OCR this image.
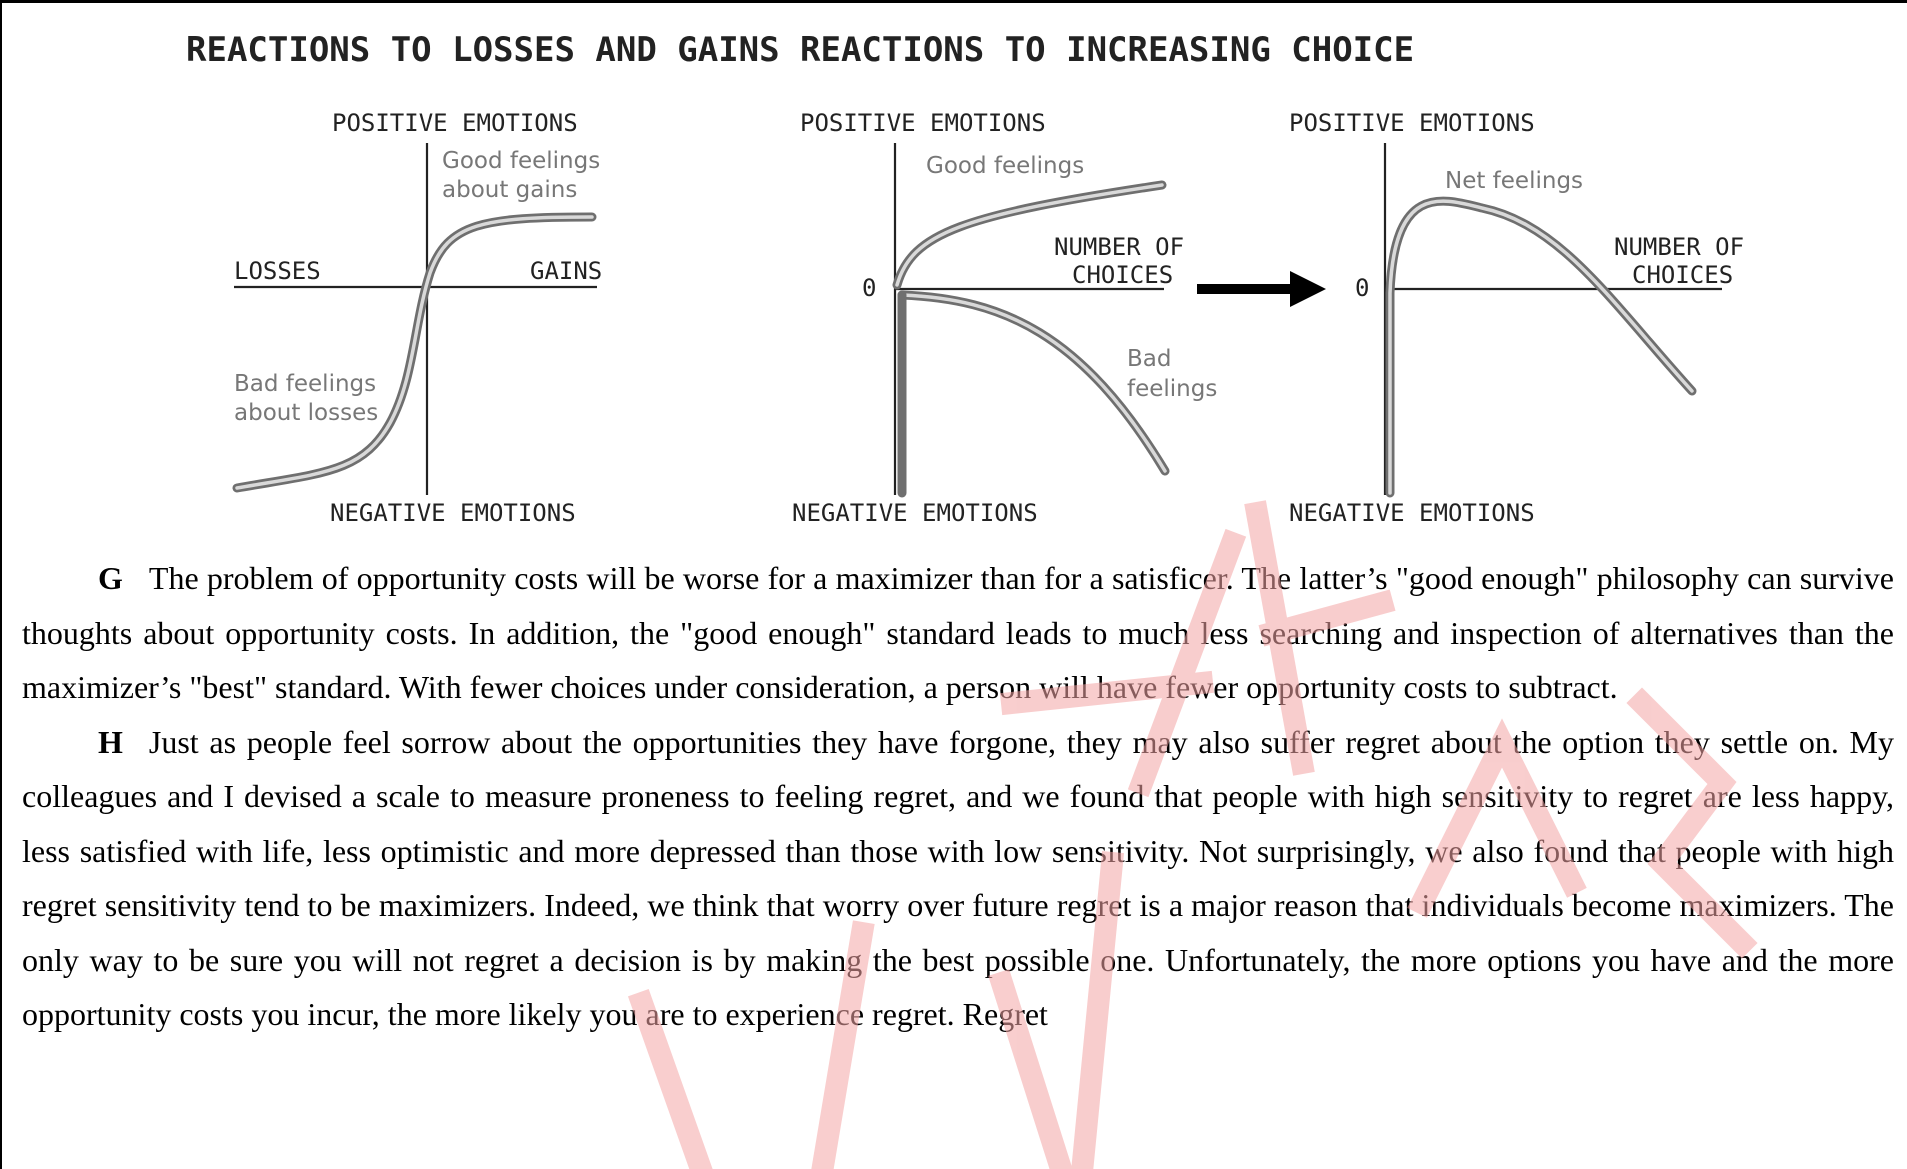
REACTIONS TO LOSSES AND GAINS
POSITIVE EMOTIONS
NEGATIVE EMOTIONS
LOSSES	GAINS
Good feelings
about gains
Bad feelings
about losses
REACTIONS TO INCREASING CHOICE
POSITIVE EMOTIONS
NEGATIVE EMOTIONS
0
NUMBER OF
CHOICES
Good feelings
Bad
feelings
POSITIVE EMOTIONS
NEGATIVE EMOTIONS
0
NUMBER OF
CHOICES
Net feelings

G The problem of opportunity costs will be worse for a maximizer than for a satisficer. The latter’s "good enough" philosophy can survive thoughts about opportunity costs. In addition, the "good enough" standard leads to much less searching and inspection of alternatives than the maximizer’s "best" standard. With fewer choices under consideration, a person will have fewer opportunity costs to subtract.

H Just as people feel sorrow about the opportunities they have forgone, they may also suffer regret about the option they settle on. My colleagues and I devised a scale to measure proneness to feeling regret, and we found that people with high sensitivity to regret are less happy, less satisfied with life, less optimistic and more depressed than those with low sensitivity. Not surprisingly, we also found that people with high regret sensitivity tend to be maximizers. Indeed, we think that worry over future regret is a major reason that individuals become maximizers. The only way to be sure you will not regret a decision is by making the best possible one. Unfortunately, the more options you have and the more opportunity costs you incur, the more likely you are to experience regret. Regret
